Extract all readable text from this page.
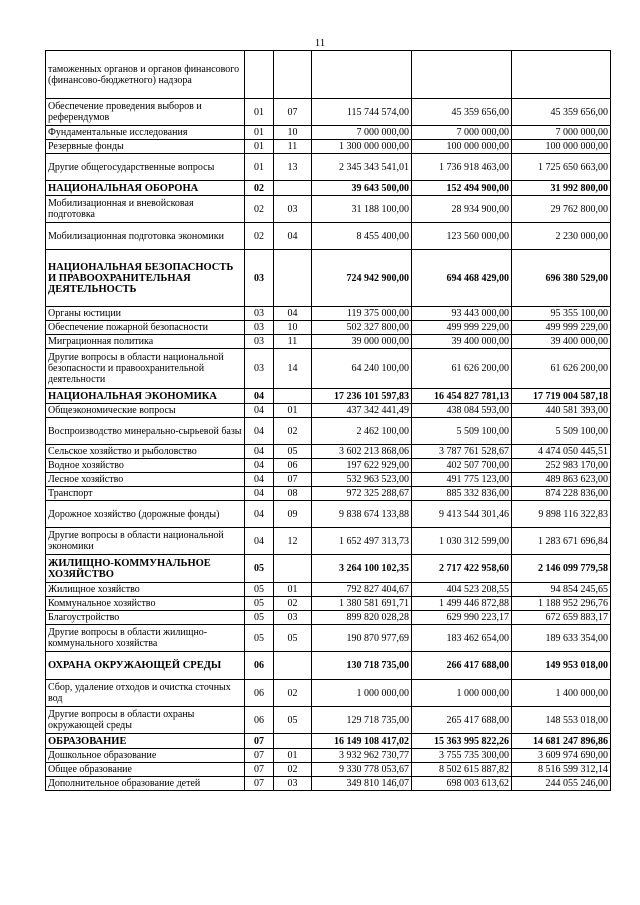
11
таможенных органов и органов финансового (финансово-бюджетного) надзора					
Обеспечение проведения выборов и референдумов	01	07	115 744 574,00	45 359 656,00	45 359 656,00
Фундаментальные исследования	01	10	7 000 000,00	7 000 000,00	7 000 000,00
Резервные фонды	01	11	1 300 000 000,00	100 000 000,00	100 000 000,00
Другие общегосударственные вопросы	01	13	2 345 343 541,01	1 736 918 463,00	1 725 650 663,00
НАЦИОНАЛЬНАЯ ОБОРОНА	02		39 643 500,00	152 494 900,00	31 992 800,00
Мобилизационная и вневойсковая подготовка	02	03	31 188 100,00	28 934 900,00	29 762 800,00
Мобилизационная подготовка экономики	02	04	8 455 400,00	123 560 000,00	2 230 000,00
НАЦИОНАЛЬНАЯ БЕЗОПАСНОСТЬ И ПРАВООХРАНИТЕЛЬНАЯ ДЕЯТЕЛЬНОСТЬ	03		724 942 900,00	694 468 429,00	696 380 529,00
Органы юстиции	03	04	119 375 000,00	93 443 000,00	95 355 100,00
Обеспечение пожарной безопасности	03	10	502 327 800,00	499 999 229,00	499 999 229,00
Миграционная политика	03	11	39 000 000,00	39 400 000,00	39 400 000,00
Другие вопросы в области национальной безопасности и правоохранительной деятельности	03	14	64 240 100,00	61 626 200,00	61 626 200,00
НАЦИОНАЛЬНАЯ ЭКОНОМИКА	04		17 236 101 597,83	16 454 827 781,13	17 719 004 587,18
Общеэкономические вопросы	04	01	437 342 441,49	438 084 593,00	440 581 393,00
Воспроизводство минерально-сырьевой базы	04	02	2 462 100,00	5 509 100,00	5 509 100,00
Сельское хозяйство и рыболовство	04	05	3 602 213 868,06	3 787 761 528,67	4 474 050 445,51
Водное хозяйство	04	06	197 622 929,00	402 507 700,00	252 983 170,00
Лесное хозяйство	04	07	532 963 523,00	491 775 123,00	489 863 623,00
Транспорт	04	08	972 325 288,67	885 332 836,00	874 228 836,00
Дорожное хозяйство (дорожные фонды)	04	09	9 838 674 133,88	9 413 544 301,46	9 898 116 322,83
Другие вопросы в области национальной экономики	04	12	1 652 497 313,73	1 030 312 599,00	1 283 671 696,84
ЖИЛИЩНО-КОММУНАЛЬНОЕ ХОЗЯЙСТВО	05		3 264 100 102,35	2 717 422 958,60	2 146 099 779,58
Жилищное хозяйство	05	01	792 827 404,67	404 523 208,55	94 854 245,65
Коммунальное хозяйство	05	02	1 380 581 691,71	1 499 446 872,88	1 188 952 296,76
Благоустройство	05	03	899 820 028,28	629 990 223,17	672 659 883,17
Другие вопросы в области жилищно-коммунального хозяйства	05	05	190 870 977,69	183 462 654,00	189 633 354,00
ОХРАНА ОКРУЖАЮЩЕЙ СРЕДЫ	06		130 718 735,00	266 417 688,00	149 953 018,00
Сбор, удаление отходов и очистка сточных вод	06	02	1 000 000,00	1 000 000,00	1 400 000,00
Другие вопросы в области охраны окружающей среды	06	05	129 718 735,00	265 417 688,00	148 553 018,00
ОБРАЗОВАНИЕ	07		16 149 108 417,02	15 363 995 822,26	14 681 247 896,86
Дошкольное образование	07	01	3 932 962 730,77	3 755 735 300,00	3 609 974 690,00
Общее образование	07	02	9 330 778 053,67	8 502 615 887,82	8 516 599 312,14
Дополнительное образование детей	07	03	349 810 146,07	698 003 613,62	244 055 246,00
